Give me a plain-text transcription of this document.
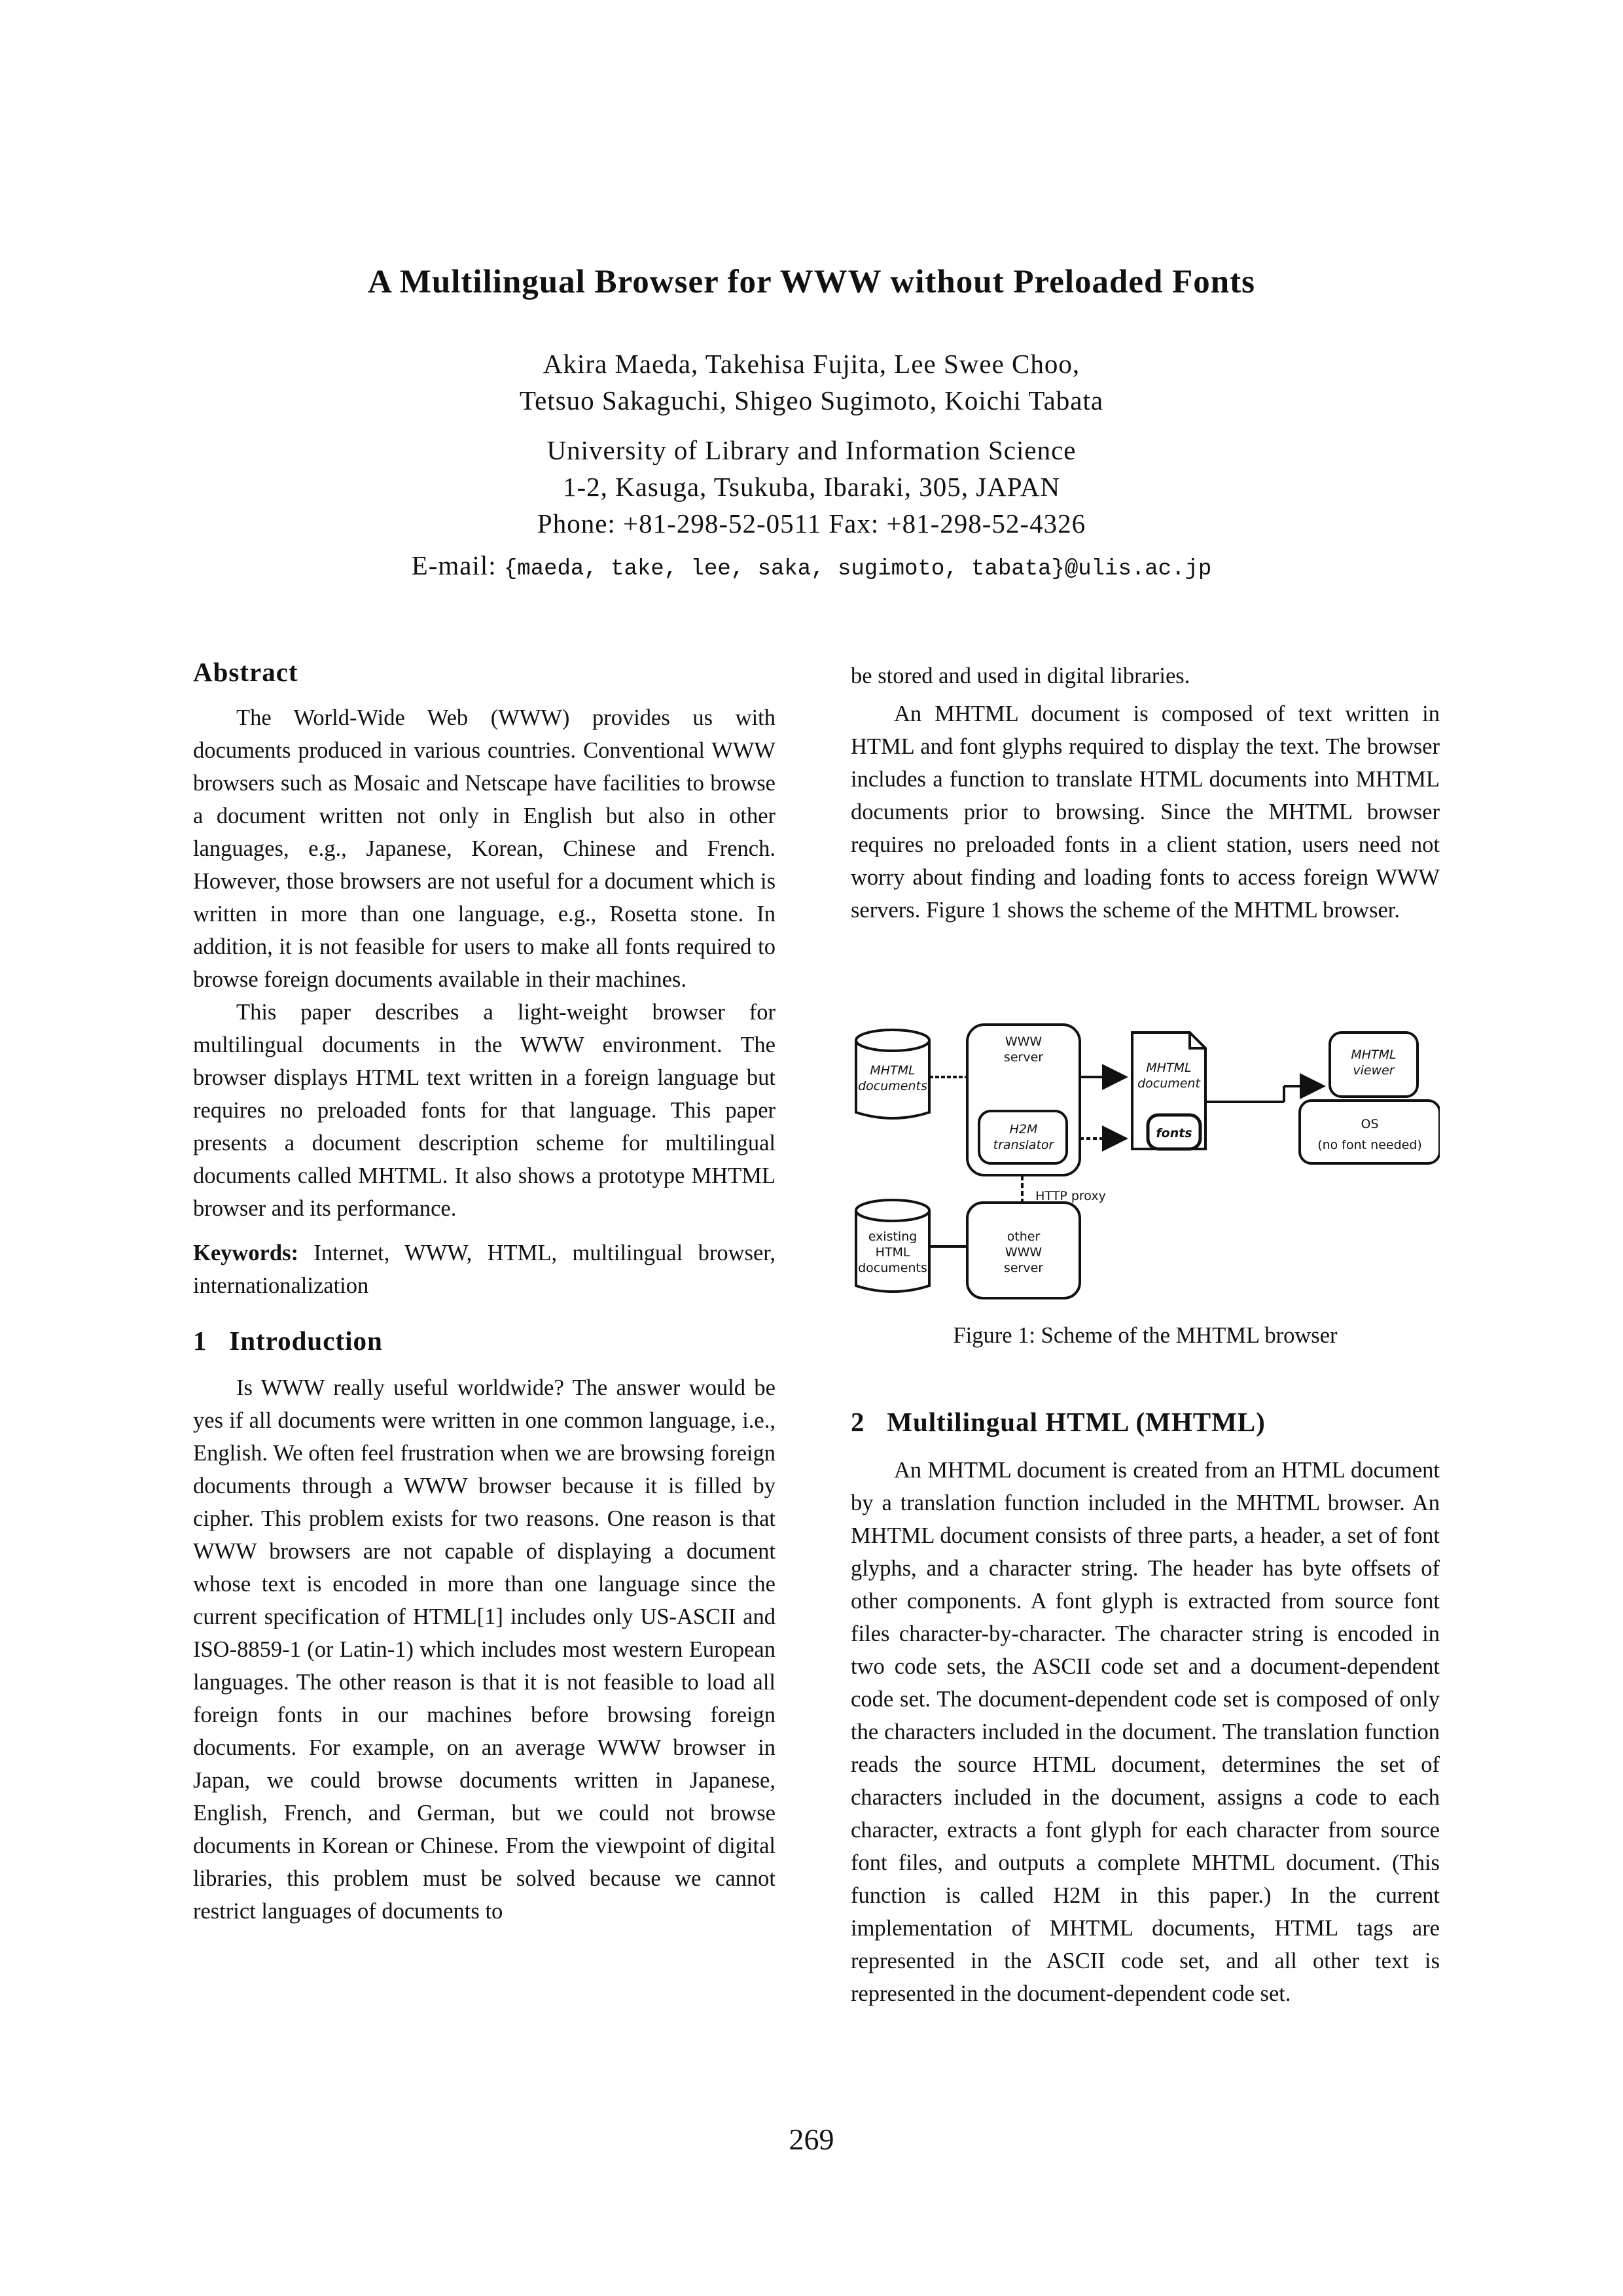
A Multilingual Browser for WWW without Preloaded Fonts
Akira Maeda, Takehisa Fujita, Lee Swee Choo,
Tetsuo Sakaguchi, Shigeo Sugimoto, Koichi Tabata
University of Library and Information Science
1-2, Kasuga, Tsukuba, Ibaraki, 305, JAPAN
Phone: +81-298-52-0511 Fax: +81-298-52-4326
E-mail: {maeda, take, lee, saka, sugimoto, tabata}@ulis.ac.jp
Abstract

The World-Wide Web (WWW) provides us with documents produced in various countries. Conventional WWW browsers such as Mosaic and Netscape have facilities to browse a document written not only in English but also in other languages, e.g., Japanese, Korean, Chinese and French. However, those browsers are not useful for a document which is written in more than one language, e.g., Rosetta stone. In addition, it is not feasible for users to make all fonts required to browse foreign documents available in their machines.

This paper describes a light-weight browser for multilingual documents in the WWW environment. The browser displays HTML text written in a foreign language but requires no preloaded fonts for that language. This paper presents a document description scheme for multilingual documents called MHTML. It also shows a prototype MHTML browser and its performance.

Keywords: Internet, WWW, HTML, multilingual browser, internationalization

1 Introduction

Is WWW really useful worldwide? The answer would be yes if all documents were written in one common language, i.e., English. We often feel frustration when we are browsing foreign documents through a WWW browser because it is filled by cipher. This problem exists for two reasons. One reason is that WWW browsers are not capable of displaying a document whose text is encoded in more than one language since the current specification of HTML[1] includes only US-ASCII and ISO-8859-1 (or Latin-1) which includes most western European languages. The other reason is that it is not feasible to load all foreign fonts in our machines before browsing foreign documents. For example, on an average WWW browser in Japan, we could browse documents written in Japanese, English, French, and German, but we could not browse documents in Korean or Chinese. From the viewpoint of digital libraries, this problem must be solved because we cannot restrict languages of documents to

be stored and used in digital libraries.

An MHTML document is composed of text written in HTML and font glyphs required to display the text. The browser includes a function to translate HTML documents into MHTML documents prior to browsing. Since the MHTML browser requires no preloaded fonts in a client station, users need not worry about finding and loading fonts to access foreign WWW servers. Figure 1 shows the scheme of the MHTML browser.

MHTML
documents
WWW
server
H2M
translator
MHTML
document
fonts
MHTML
viewer
OS
(no font needed)
HTTP proxy
existing
HTML
documents
other
WWW
server
Figure 1: Scheme of the MHTML browser
2 Multilingual HTML (MHTML)

An MHTML document is created from an HTML document by a translation function included in the MHTML browser. An MHTML document consists of three parts, a header, a set of font glyphs, and a character string. The header has byte offsets of other components. A font glyph is extracted from source font files character-by-character. The character string is encoded in two code sets, the ASCII code set and a document-dependent code set. The document-dependent code set is composed of only the characters included in the document. The translation function reads the source HTML document, determines the set of characters included in the document, assigns a code to each character, extracts a font glyph for each character from source font files, and outputs a complete MHTML document. (This function is called H2M in this paper.) In the current implementation of MHTML documents, HTML tags are represented in the ASCII code set, and all other text is represented in the document-dependent code set.

269
